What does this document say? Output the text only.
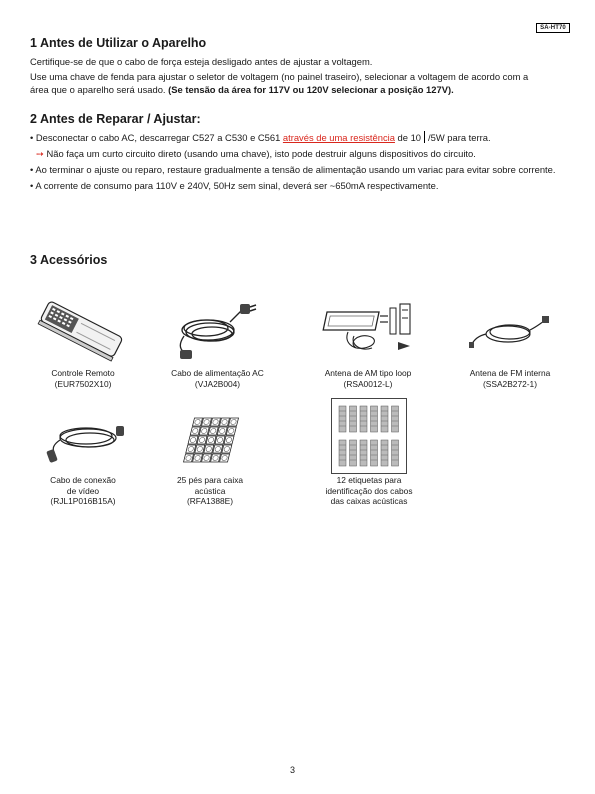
SA-HT70
1 Antes de Utilizar o Aparelho

Certifique-se de que o cabo de força esteja desligado antes de ajustar a voltagem.

Use uma chave de fenda para ajustar o seletor de voltagem (no painel traseiro), selecionar a voltagem de acordo com a
área que o aparelho será usado. (Se tensão da área for 117V ou 120V selecionar a posição 127V).

2 Antes de Reparar / Ajustar:
• Desconectar o cabo AC, descarregar C527 a C530 e C561 através de uma resistência de 10 /5W para terra.
➙ Não faça um curto circuito direto (usando uma chave), isto pode destruir alguns dispositivos do circuito.
• Ao terminar o ajuste ou reparo, restaure gradualmente a tensão de alimentação usando um variac para evitar sobre corrente.
• A corrente de consumo para 110V e 240V, 50Hz sem sinal, deverá ser ~650mA respectivamente.
3 Acessórios
Controle Remoto
(EUR7502X10)
Cabo de alimentação AC
(VJA2B004)
Antena de AM tipo loop
(RSA0012-L)
Antena de FM interna
(SSA2B272-1)
Cabo de conexão
de vídeo
(RJL1P016B15A)
25 pés para caixa
acústica
(RFA1388E)
12 etiquetas para
identificação dos cabos
das caixas acústicas
3
